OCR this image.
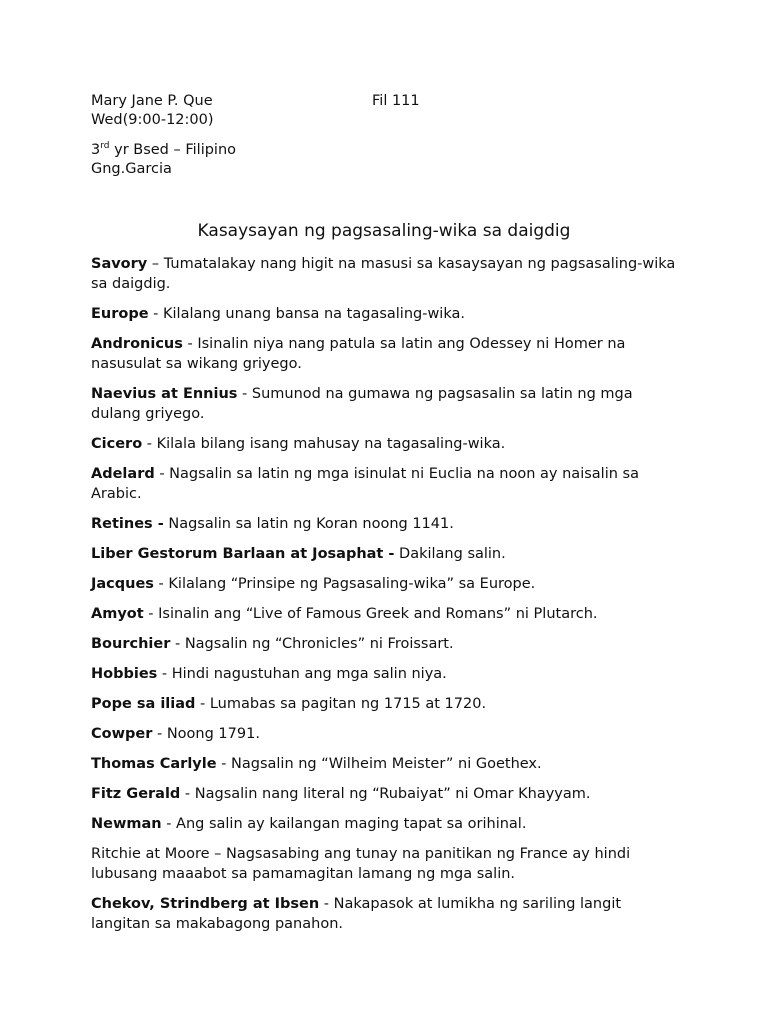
Mary Jane P. Que	Fil 111
Wed(9:00-12:00)
3rd yr Bsed – Filipino
Gng.Garcia
Kasaysayan ng pagsasaling-wika sa daigdig

Savory – Tumatalakay nang higit na masusi sa kasaysayan ng pagsasaling-wika sa daigdig.

Europe - Kilalang unang bansa na tagasaling-wika.

Andronicus - Isinalin niya nang patula sa latin ang Odessey ni Homer na nasusulat sa wikang griyego.

Naevius at Ennius - Sumunod na gumawa ng pagsasalin sa latin ng mga dulang griyego.

Cicero - Kilala bilang isang mahusay na tagasaling-wika.

Adelard - Nagsalin sa latin ng mga isinulat ni Euclia na noon ay naisalin sa Arabic.

Retines - Nagsalin sa latin ng Koran noong 1141.

Liber Gestorum Barlaan at Josaphat - Dakilang salin.

Jacques - Kilalang “Prinsipe ng Pagsasaling-wika” sa Europe.

Amyot - Isinalin ang “Live of Famous Greek and Romans” ni Plutarch.

Bourchier - Nagsalin ng “Chronicles” ni Froissart.

Hobbies - Hindi nagustuhan ang mga salin niya.

Pope sa iliad - Lumabas sa pagitan ng 1715 at 1720.

Cowper - Noong 1791.

Thomas Carlyle - Nagsalin ng “Wilheim Meister” ni Goethex.

Fitz Gerald - Nagsalin nang literal ng “Rubaiyat” ni Omar Khayyam.

Newman - Ang salin ay kailangan maging tapat sa orihinal.

Ritchie at Moore – Nagsasabing ang tunay na panitikan ng France ay hindi lubusang maaabot sa pamamagitan lamang ng mga salin.

Chekov, Strindberg at Ibsen - Nakapasok at lumikha ng sariling langit langitan sa makabagong panahon.
